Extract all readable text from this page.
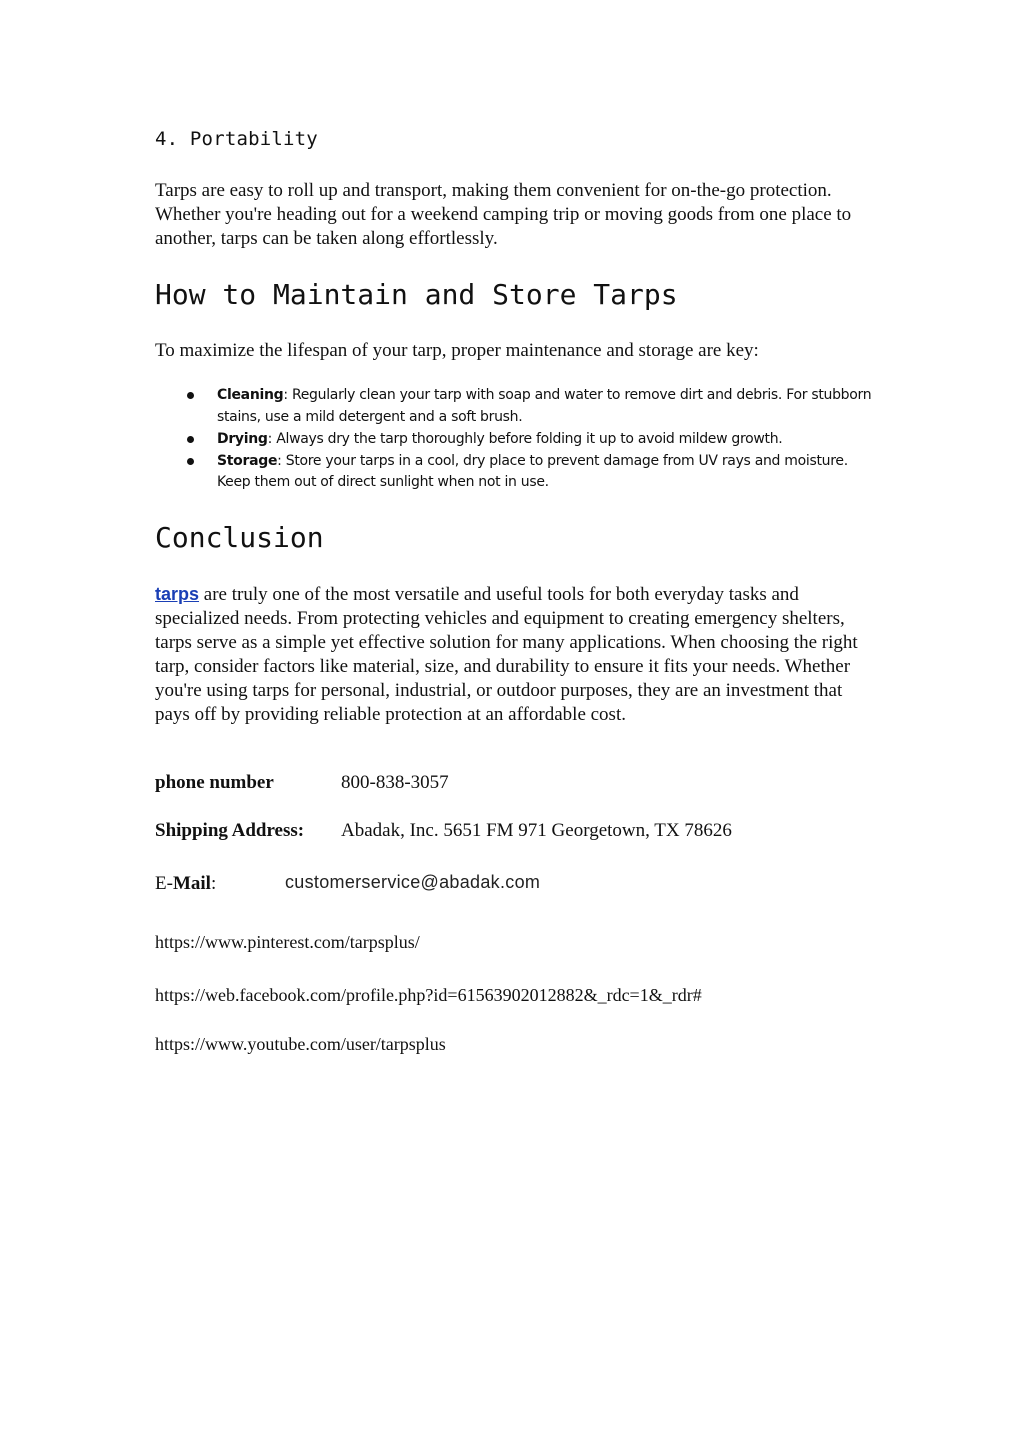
4. Portability

Tarps are easy to roll up and transport, making them convenient for on-the-go protection. Whether you're heading out for a weekend camping trip or moving goods from one place to another, tarps can be taken along effortlessly.

How to Maintain and Store Tarps

To maximize the lifespan of your tarp, proper maintenance and storage are key:

Cleaning: Regularly clean your tarp with soap and water to remove dirt and debris. For stubborn stains, use a mild detergent and a soft brush.
Drying: Always dry the tarp thoroughly before folding it up to avoid mildew growth.
Storage: Store your tarps in a cool, dry place to prevent damage from UV rays and moisture. Keep them out of direct sunlight when not in use.
Conclusion

tarps are truly one of the most versatile and useful tools for both everyday tasks and specialized needs. From protecting vehicles and equipment to creating emergency shelters, tarps serve as a simple yet effective solution for many applications. When choosing the right tarp, consider factors like material, size, and durability to ensure it fits your needs. Whether you're using tarps for personal, industrial, or outdoor purposes, they are an investment that pays off by providing reliable protection at an affordable cost.

phone number	800-838-3057
Shipping Address: Abadak, Inc. 5651 FM 971 Georgetown, TX 78626
E-Mail:	customerservice@abadak.com
https://www.pinterest.com/tarpsplus/
https://web.facebook.com/profile.php?id=61563902012882&_rdc=1&_rdr#
https://www.youtube.com/user/tarpsplus
